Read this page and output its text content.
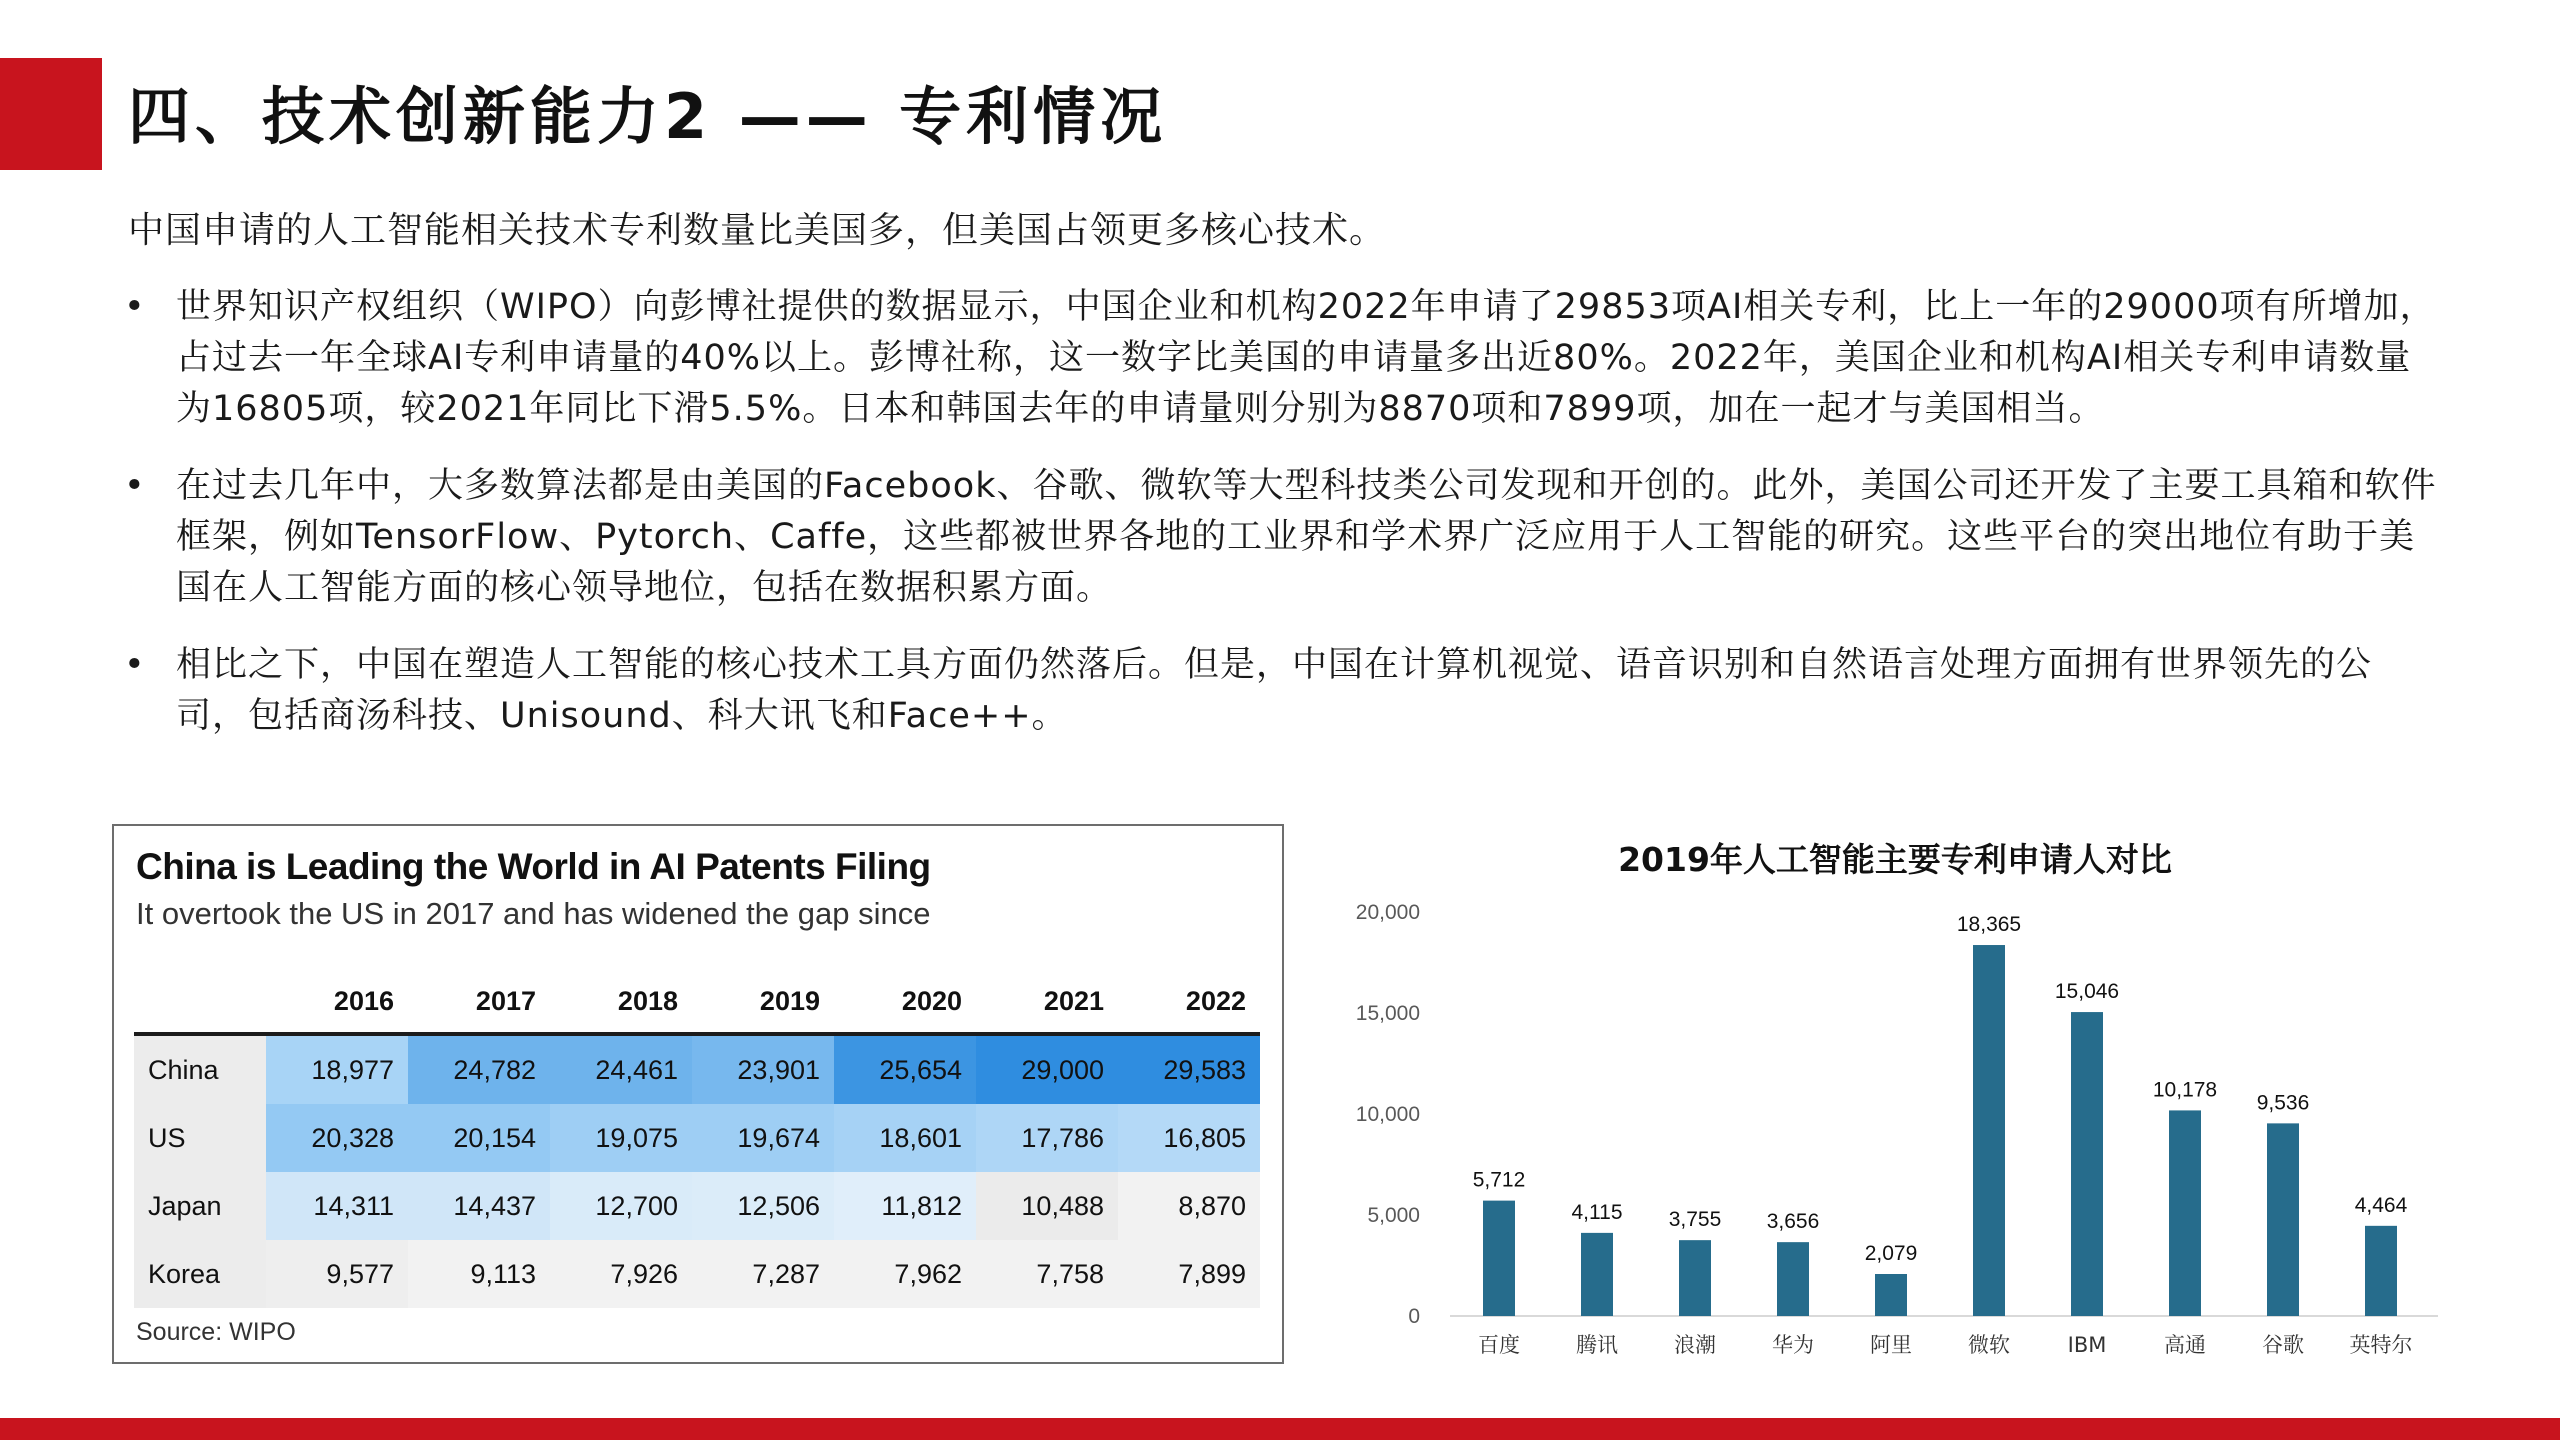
四、技术创新能力2 —— 专利情况
中国申请的人工智能相关技术专利数量比美国多，但美国占领更多核心技术。
• 世界知识产权组织（WIPO）向彭博社提供的数据显示，中国企业和机构2022年申请了29853项AI相关专利，比上一年的29000项有所增加，占过去一年全球AI专利申请量的40%以上。彭博社称，这一数字比美国的申请量多出近80%。2022年，美国企业和机构AI相关专利申请数量为16805项，较2021年同比下滑5.5%。日本和韩国去年的申请量则分别为8870项和7899项，加在一起才与美国相当。
• 在过去几年中，大多数算法都是由美国的Facebook、谷歌、微软等大型科技类公司发现和开创的。此外，美国公司还开发了主要工具箱和软件框架，例如TensorFlow、Pytorch、Caffe，这些都被世界各地的工业界和学术界广泛应用于人工智能的研究。这些平台的突出地位有助于美国在人工智能方面的核心领导地位，包括在数据积累方面。
• 相比之下，中国在塑造人工智能的核心技术工具方面仍然落后。但是，中国在计算机视觉、语音识别和自然语言处理方面拥有世界领先的公司，包括商汤科技、Unisound、科大讯飞和Face++。
China is Leading the World in AI Patents Filing
It overtook the US in 2017 and has widened the gap since
	2016	2017	2018	2019	2020	2021	2022
China	18,977	24,782	24,461	23,901	25,654	29,000	29,583
US	20,328	20,154	19,075	19,674	18,601	17,786	16,805
Japan	14,311	14,437	12,700	12,506	11,812	10,488	8,870
Korea	9,577	9,113	7,926	7,287	7,962	7,758	7,899
Source: WIPO
2019年人工智能主要专利申请人对比
0
5,000
10,000
15,000
20,000
5,712
百度
4,115
腾讯
3,755
浪潮
3,656
华为
2,079
阿里
18,365
微软
15,046
IBM
10,178
高通
9,536
谷歌
4,464
英特尔
